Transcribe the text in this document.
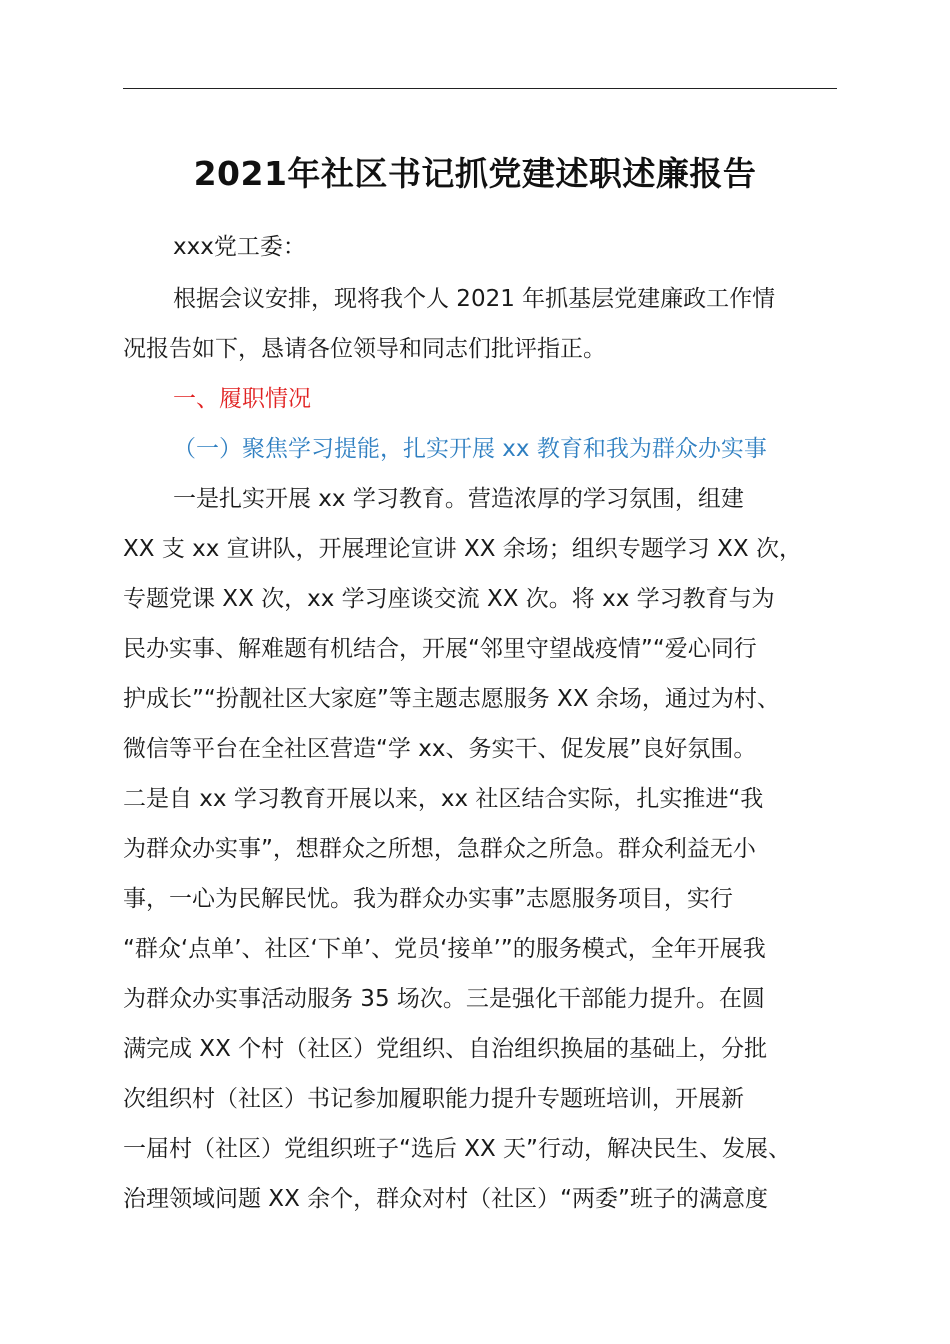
2021年社区书记抓党建述职述廉报告
xxx党工委：
根据会议安排，现将我个人 2021 年抓基层党建廉政工作情
况报告如下，恳请各位领导和同志们批评指正。
一、履职情况
（一）聚焦学习提能，扎实开展 xx 教育和我为群众办实事
一是扎实开展 xx 学习教育。营造浓厚的学习氛围，组建
XX 支 xx 宣讲队，开展理论宣讲 XX 余场；组织专题学习 XX 次，
专题党课 XX 次，xx 学习座谈交流 XX 次。将 xx 学习教育与为
民办实事、解难题有机结合，开展“邻里守望战疫情”“爱心同行
护成长”“扮靓社区大家庭”等主题志愿服务 XX 余场，通过为村、
微信等平台在全社区营造“学 xx、务实干、促发展”良好氛围。
二是自 xx 学习教育开展以来，xx 社区结合实际，扎实推进“我
为群众办实事”，想群众之所想，急群众之所急。群众利益无小
事，一心为民解民忧。我为群众办实事”志愿服务项目，实行
“群众‘点单’、社区‘下单’、党员‘接单’”的服务模式，全年开展我
为群众办实事活动服务 35 场次。三是强化干部能力提升。在圆
满完成 XX 个村（社区）党组织、自治组织换届的基础上，分批
次组织村（社区）书记参加履职能力提升专题班培训，开展新
一届村（社区）党组织班子“选后 XX 天”行动，解决民生、发展、
治理领域问题 XX 余个，群众对村（社区）“两委”班子的满意度
